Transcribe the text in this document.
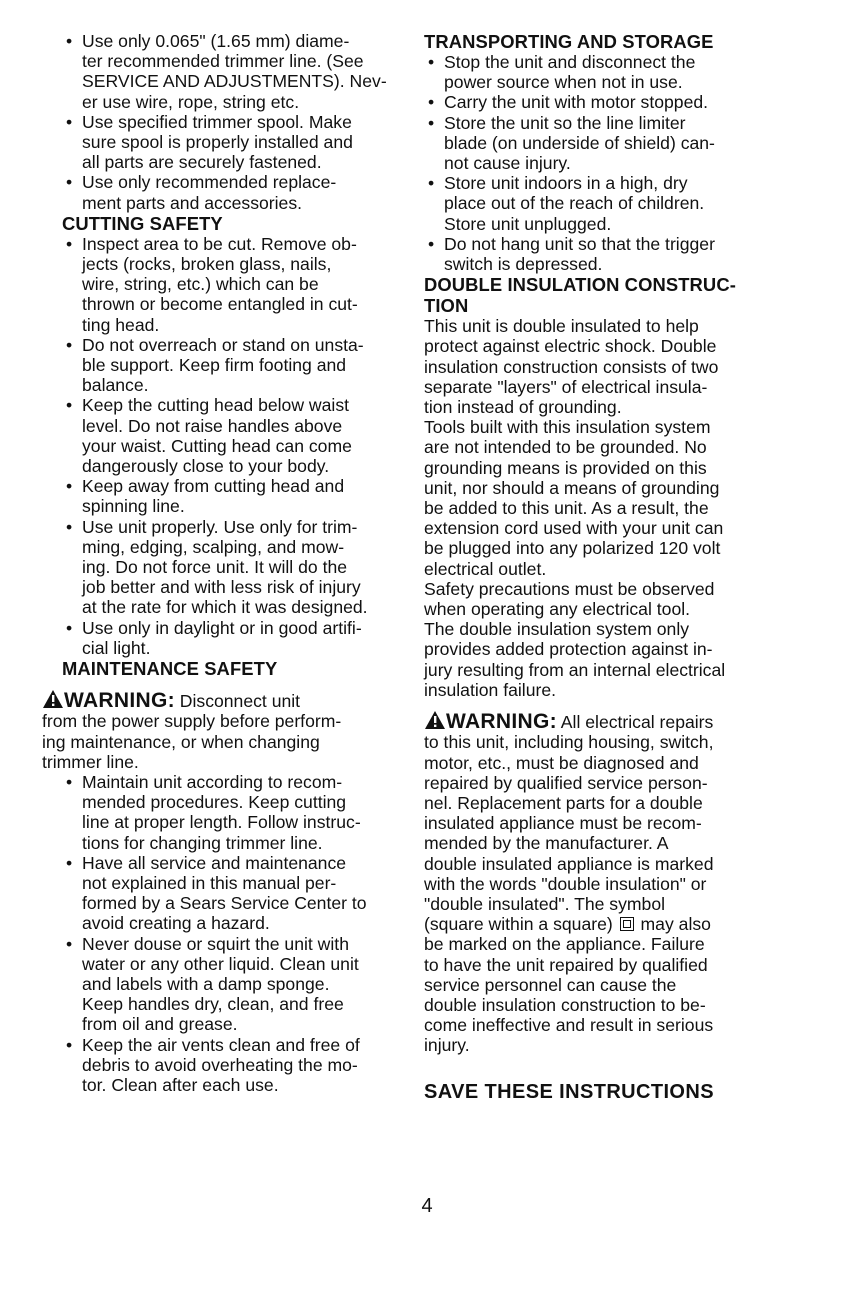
• Use only 0.065" (1.65 mm) diame-
ter recommended trimmer line. (See
SERVICE AND ADJUSTMENTS). Nev-
er use wire, rope, string etc.
• Use specified trimmer spool. Make
sure spool is properly installed and
all parts are securely fastened.
• Use only recommended replace-
ment parts and accessories.
CUTTING SAFETY
• Inspect area to be cut. Remove ob-
jects (rocks, broken glass, nails,
wire, string, etc.) which can be
thrown or become entangled in cut-
ting head.
• Do not overreach or stand on unsta-
ble support. Keep firm footing and
balance.
• Keep the cutting head below waist
level. Do not raise handles above
your waist. Cutting head can come
dangerously close to your body.
• Keep away from cutting head and
spinning line.
• Use unit properly. Use only for trim-
ming, edging, scalping, and mow-
ing. Do not force unit. It will do the
job better and with less risk of injury
at the rate for which it was designed.
• Use only in daylight or in good artifi-
cial light.
MAINTENANCE SAFETY
WARNING: Disconnect unit
from the power supply before perform-
ing maintenance, or when changing
trimmer line.
• Maintain unit according to recom-
mended procedures. Keep cutting
line at proper length. Follow instruc-
tions for changing trimmer line.
• Have all service and maintenance
not explained in this manual per-
formed by a Sears Service Center to
avoid creating a hazard.
• Never douse or squirt the unit with
water or any other liquid. Clean unit
and labels with a damp sponge.
Keep handles dry, clean, and free
from oil and grease.
• Keep the air vents clean and free of
debris to avoid overheating the mo-
tor. Clean after each use.
TRANSPORTING AND STORAGE
• Stop the unit and disconnect the
power source when not in use.
• Carry the unit with motor stopped.
• Store the unit so the line limiter
blade (on underside of shield) can-
not cause injury.
• Store unit indoors in a high, dry
place out of the reach of children.
Store unit unplugged.
• Do not hang unit so that the trigger
switch is depressed.
DOUBLE INSULATION CONSTRUC-
TION
This unit is double insulated to help
protect against electric shock. Double
insulation construction consists of two
separate "layers" of electrical insula-
tion instead of grounding.
Tools built with this insulation system
are not intended to be grounded. No
grounding means is provided on this
unit, nor should a means of grounding
be added to this unit. As a result, the
extension cord used with your unit can
be plugged into any polarized 120 volt
electrical outlet.
Safety precautions must be observed
when operating any electrical tool.
The double insulation system only
provides added protection against in-
jury resulting from an internal electrical
insulation failure.
WARNING: All electrical repairs
to this unit, including housing, switch,
motor, etc., must be diagnosed and
repaired by qualified service person-
nel. Replacement parts for a double
insulated appliance must be recom-
mended by the manufacturer. A
double insulated appliance is marked
with the words "double insulation" or
"double insulated". The symbol
(square within a square)  may also
be marked on the appliance. Failure
to have the unit repaired by qualified
service personnel can cause the
double insulation construction to be-
come ineffective and result in serious
injury.
SAVE THESE INSTRUCTIONS
4
